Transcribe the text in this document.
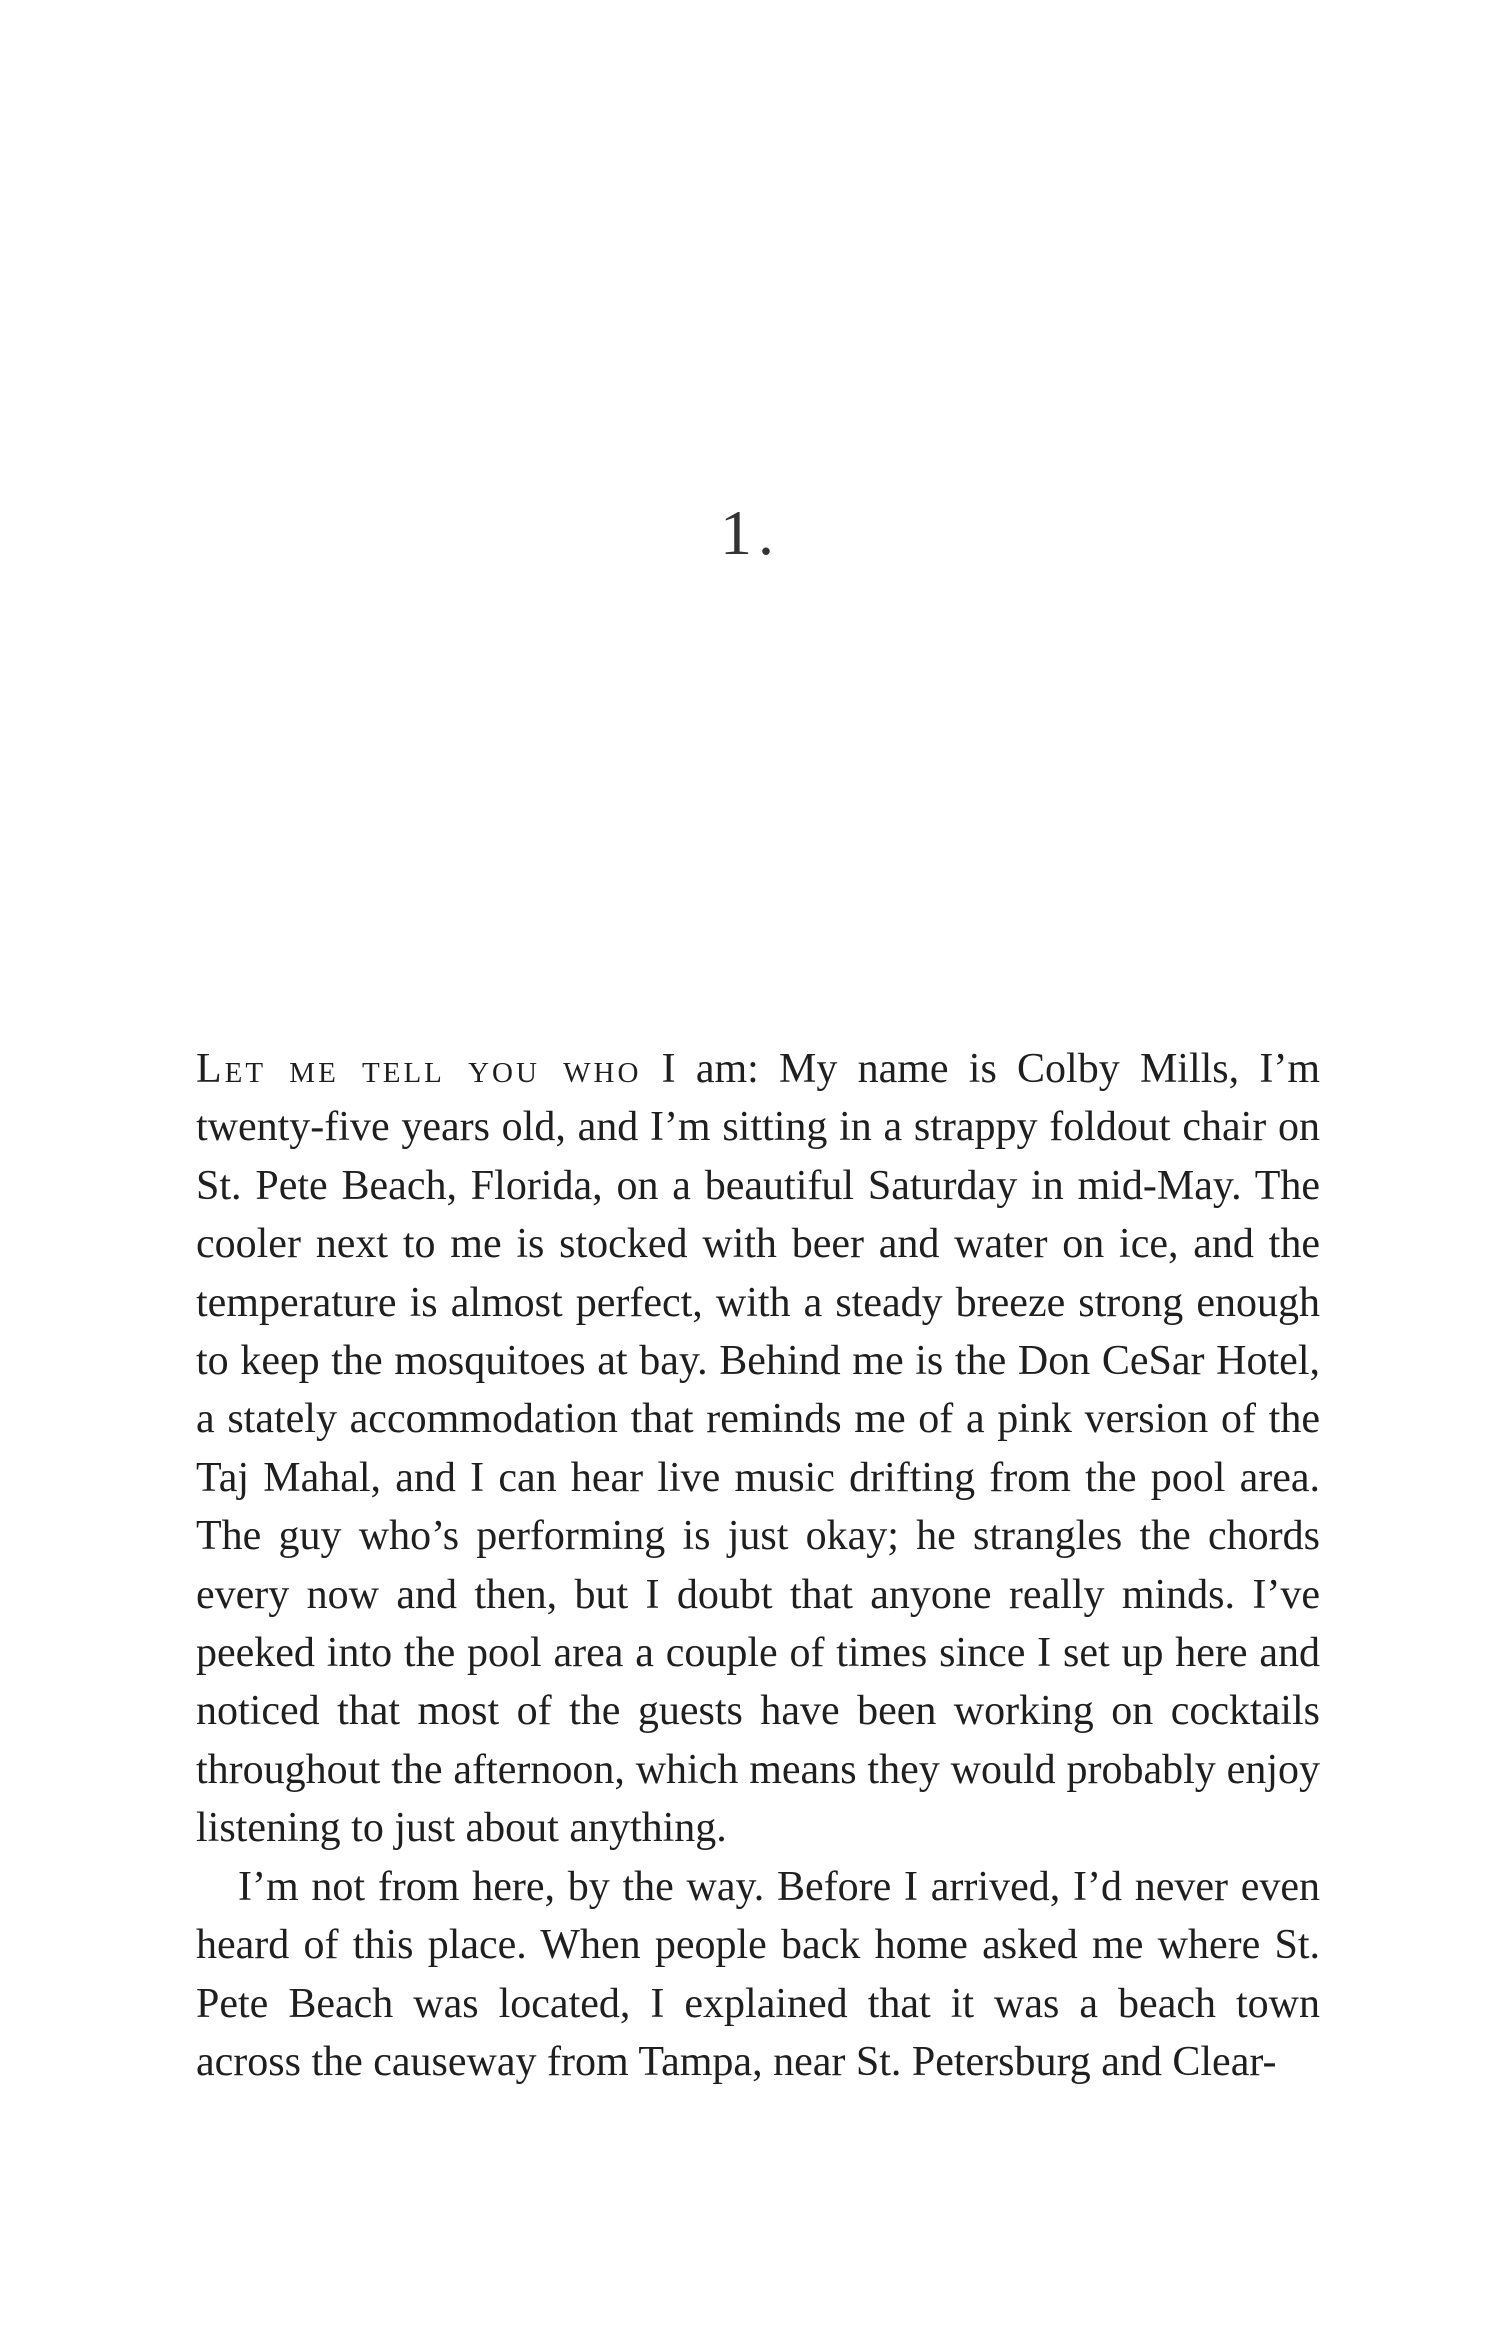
1.

Let me tell you who I am: My name is Colby Mills, I’m twenty-five years old, and I’m sitting in a strappy foldout chair on St. Pete Beach, Florida, on a beautiful Saturday in mid-May. The cooler next to me is stocked with beer and water on ice, and the temperature is almost perfect, with a steady breeze strong enough to keep the mosquitoes at bay. Behind me is the Don CeSar Hotel, a stately accommodation that reminds me of a pink version of the Taj Mahal, and I can hear live music drifting from the pool area. The guy who’s performing is just okay; he strangles the chords every now and then, but I doubt that anyone really minds. I’ve peeked into the pool area a couple of times since I set up here and noticed that most of the guests have been working on cocktails throughout the afternoon, which means they would probably enjoy listening to just about anything.

I’m not from here, by the way. Before I arrived, I’d never even heard of this place. When people back home asked me where St. Pete Beach was located, I explained that it was a beach town across the causeway from Tampa, near St. Petersburg and Clear-
